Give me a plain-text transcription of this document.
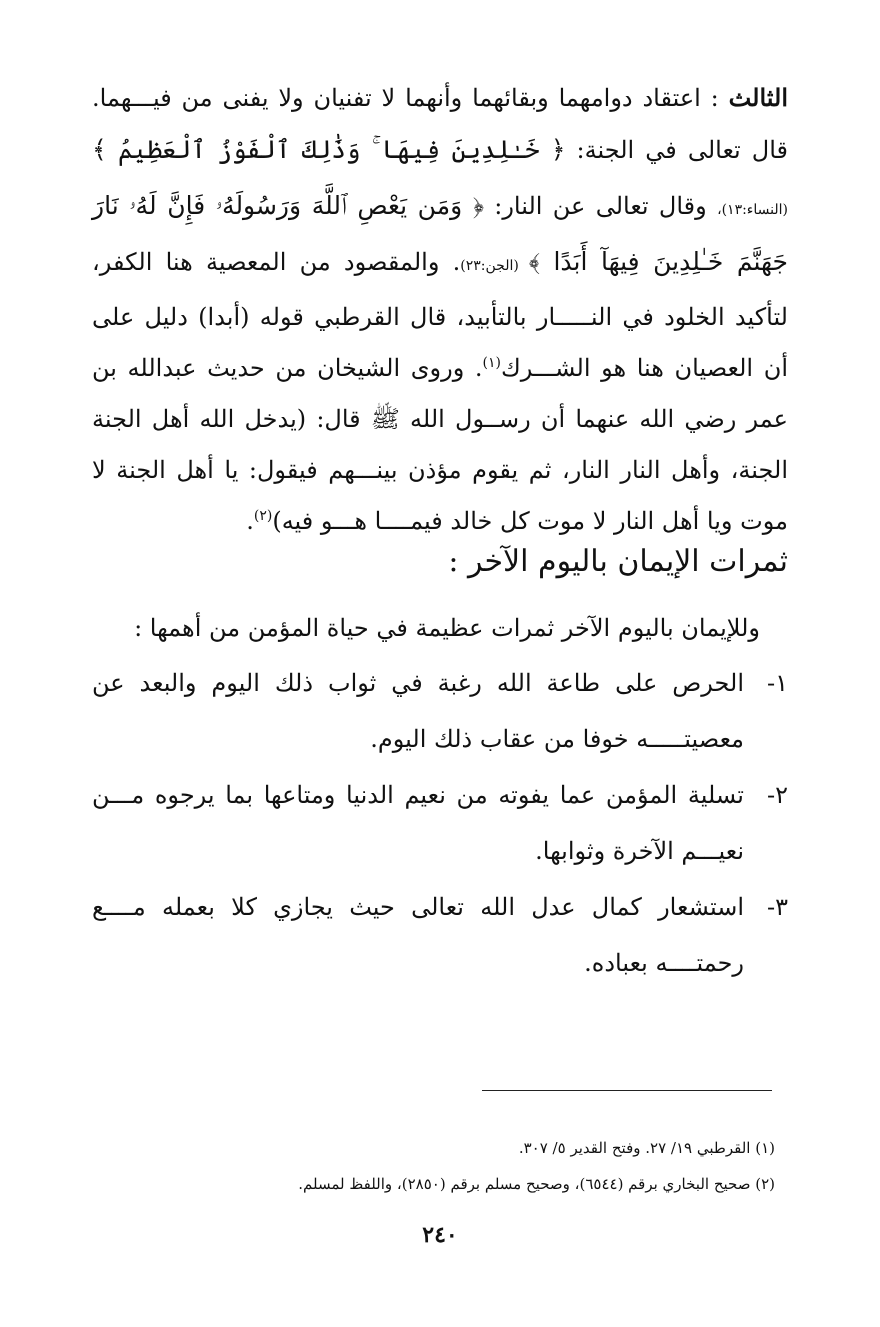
الثالث : اعتقاد دوامهما وبقائهما وأنهما لا تفنيان ولا يفنى من فيـــهما. قال تعالى في الجنة: ﴿ خَـٰلِدِينَ فِيهَا ۚ وَذَٰلِكَ ٱلْفَوْزُ ٱلْعَظِيمُ ﴾ (النساء:١٣)، وقال تعالى عن النار: ﴿ وَمَن يَعْصِ ٱللَّهَ وَرَسُولَهُۥ فَإِنَّ لَهُۥ نَارَ جَهَنَّمَ خَـٰلِدِينَ فِيهَآ أَبَدًا ﴾ (الجن:٢٣). والمقصود من المعصية هنا الكفر، لتأكيد الخلود في النـــــار بالتأبيد، قال القرطبي قوله (أبدا) دليل على أن العصيان هنا هو الشـــرك$^{(١)}$. وروى الشيخان من حديث عبدالله بن عمر رضي الله عنهما أن رســول الله ﷺ قال: (يدخل الله أهل الجنة الجنة، وأهل النار النار، ثم يقوم مؤذن بينـــهم فيقول: يا أهل الجنة لا موت ويا أهل النار لا موت كل خالد فيمــــا هـــو فيه)$^{(٢)}$.

ثمرات الإيمان باليوم الآخر :

وللإيمان باليوم الآخر ثمرات عظيمة في حياة المؤمن من أهمها :

١-
الحرص على طاعة الله رغبة في ثواب ذلك اليوم والبعد عن معصيتـــــه خوفا من عقاب ذلك اليوم.

٢-
تسلية المؤمن عما يفوته من نعيم الدنيا ومتاعها بما يرجوه مـــن نعيـــم الآخرة وثوابها.

٣-
استشعار كمال عدل الله تعالى حيث يجازي كلا بعمله مــــع رحمتــــه بعباده.

(١) القرطبي ١٩/ ٢٧. وفتح القدير ٥/ ٣٠٧.

(٢) صحيح البخاري برقم (٦٥٤٤)، وصحيح مسلم برقم (٢٨٥٠)، واللفظ لمسلم.

٢٤٠
